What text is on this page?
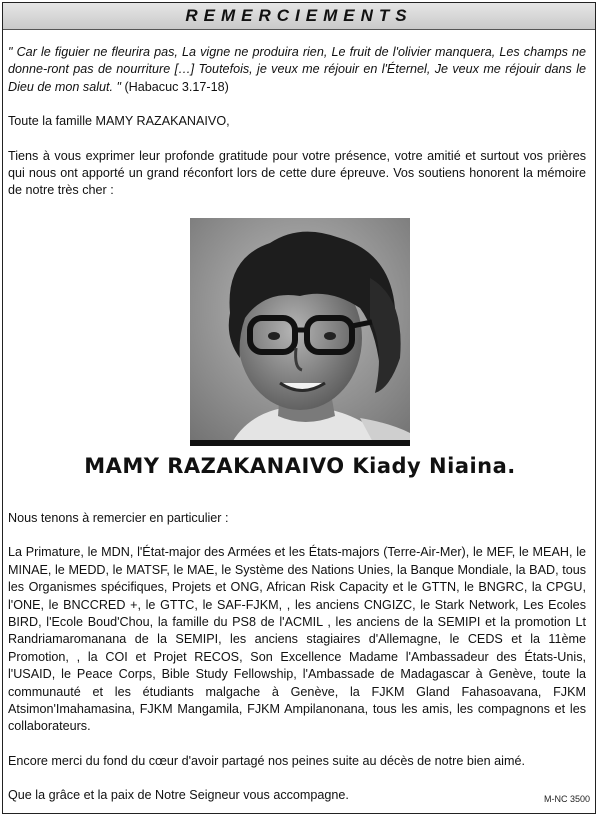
REMERCIEMENTS

" Car le figuier ne fleurira pas, La vigne ne produira rien, Le fruit de l'olivier manquera, Les champs ne donne-ront pas de nourriture […] Toutefois, je veux me réjouir en l'Éternel, Je veux me réjouir dans le Dieu de mon salut. " (Habacuc 3.17-18)

Toute la famille MAMY RAZAKANAIVO,

Tiens à vous exprimer leur profonde gratitude pour votre présence, votre amitié et surtout vos prières qui nous ont apporté un grand réconfort lors de cette dure épreuve. Vos soutiens honorent la mémoire de notre très cher :

MAMY RAZAKANAIVO Kiady Niaina.

Nous tenons à remercier en particulier :

La Primature, le MDN, l'État-major des Armées et les États-majors (Terre-Air-Mer), le MEF, le MEAH, le MINAE, le MEDD, le MATSF, le MAE, le Système des Nations Unies, la Banque Mondiale, la BAD, tous les Organismes spécifiques, Projets et ONG, African Risk Capacity et le GTTN, le BNGRC, la CPGU, l'ONE, le BNCCRED +, le GTTC, le SAF-FJKM, , les anciens CNGIZC, le Stark Network, Les Ecoles BIRD, l'Ecole Boud'Chou, la famille du PS8 de l'ACMIL , les anciens de la SEMIPI et la promotion Lt Randriamaromanana de la SEMIPI, les anciens stagiaires d'Allemagne, le CEDS et la 11ème Promotion, , la COI et Projet RECOS, Son Excellence Madame l'Ambassadeur des États-Unis, l'USAID, le Peace Corps, Bible Study Fellowship, l'Ambassade de Madagascar à Genève, toute la communauté et les étudiants malgache à Genève, la FJKM Gland Fahasoavana, FJKM Atsimon'Imahamasina, FJKM Mangamila, FJKM Ampilanonana, tous les amis, les compagnons et les collaborateurs.

Encore merci du fond du cœur d'avoir partagé nos peines suite au décès de notre bien aimé.

Que la grâce et la paix de Notre Seigneur vous accompagne.	M-NC 3500
